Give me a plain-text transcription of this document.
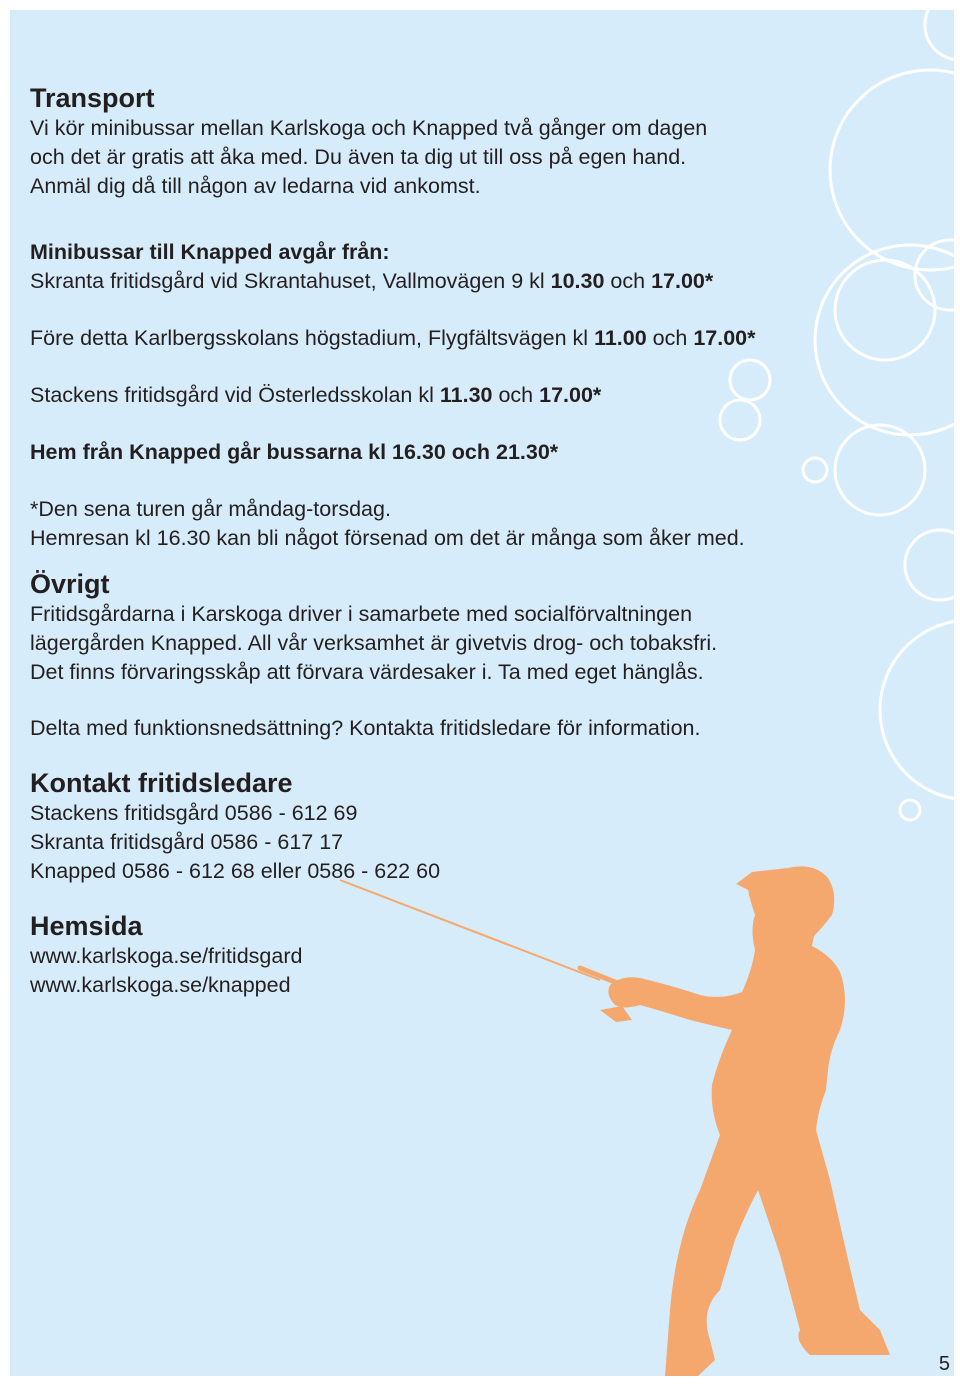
Transport
Vi kör minibussar mellan Karlskoga och Knapped två gånger om dagen
och det är gratis att åka med. Du även ta dig ut till oss på egen hand.
Anmäl dig då till någon av ledarna vid ankomst.
Minibussar till Knapped avgår från:
Skranta fritidsgård vid Skrantahuset, Vallmovägen 9 kl 10.30 och 17.00*
Före detta Karlbergsskolans högstadium, Flygfältsvägen kl 11.00 och 17.00*
Stackens fritidsgård vid Österledsskolan kl 11.30 och 17.00*
Hem från Knapped går bussarna kl 16.30 och 21.30*
*Den sena turen går måndag-torsdag.
Hemresan kl 16.30 kan bli något försenad om det är många som åker med.
Övrigt
Fritidsgårdarna i Karskoga driver i samarbete med socialförvaltningen
lägergården Knapped. All vår verksamhet är givetvis drog- och tobaksfri.
Det finns förvaringsskåp att förvara värdesaker i. Ta med eget hänglås.
Delta med funktionsnedsättning? Kontakta fritidsledare för information.
Kontakt fritidsledare
Stackens fritidsgård 0586 - 612 69
Skranta fritidsgård 0586 - 617 17
Knapped 0586 - 612 68 eller 0586 - 622 60
Hemsida
www.karlskoga.se/fritidsgard
www.karlskoga.se/knapped
5
